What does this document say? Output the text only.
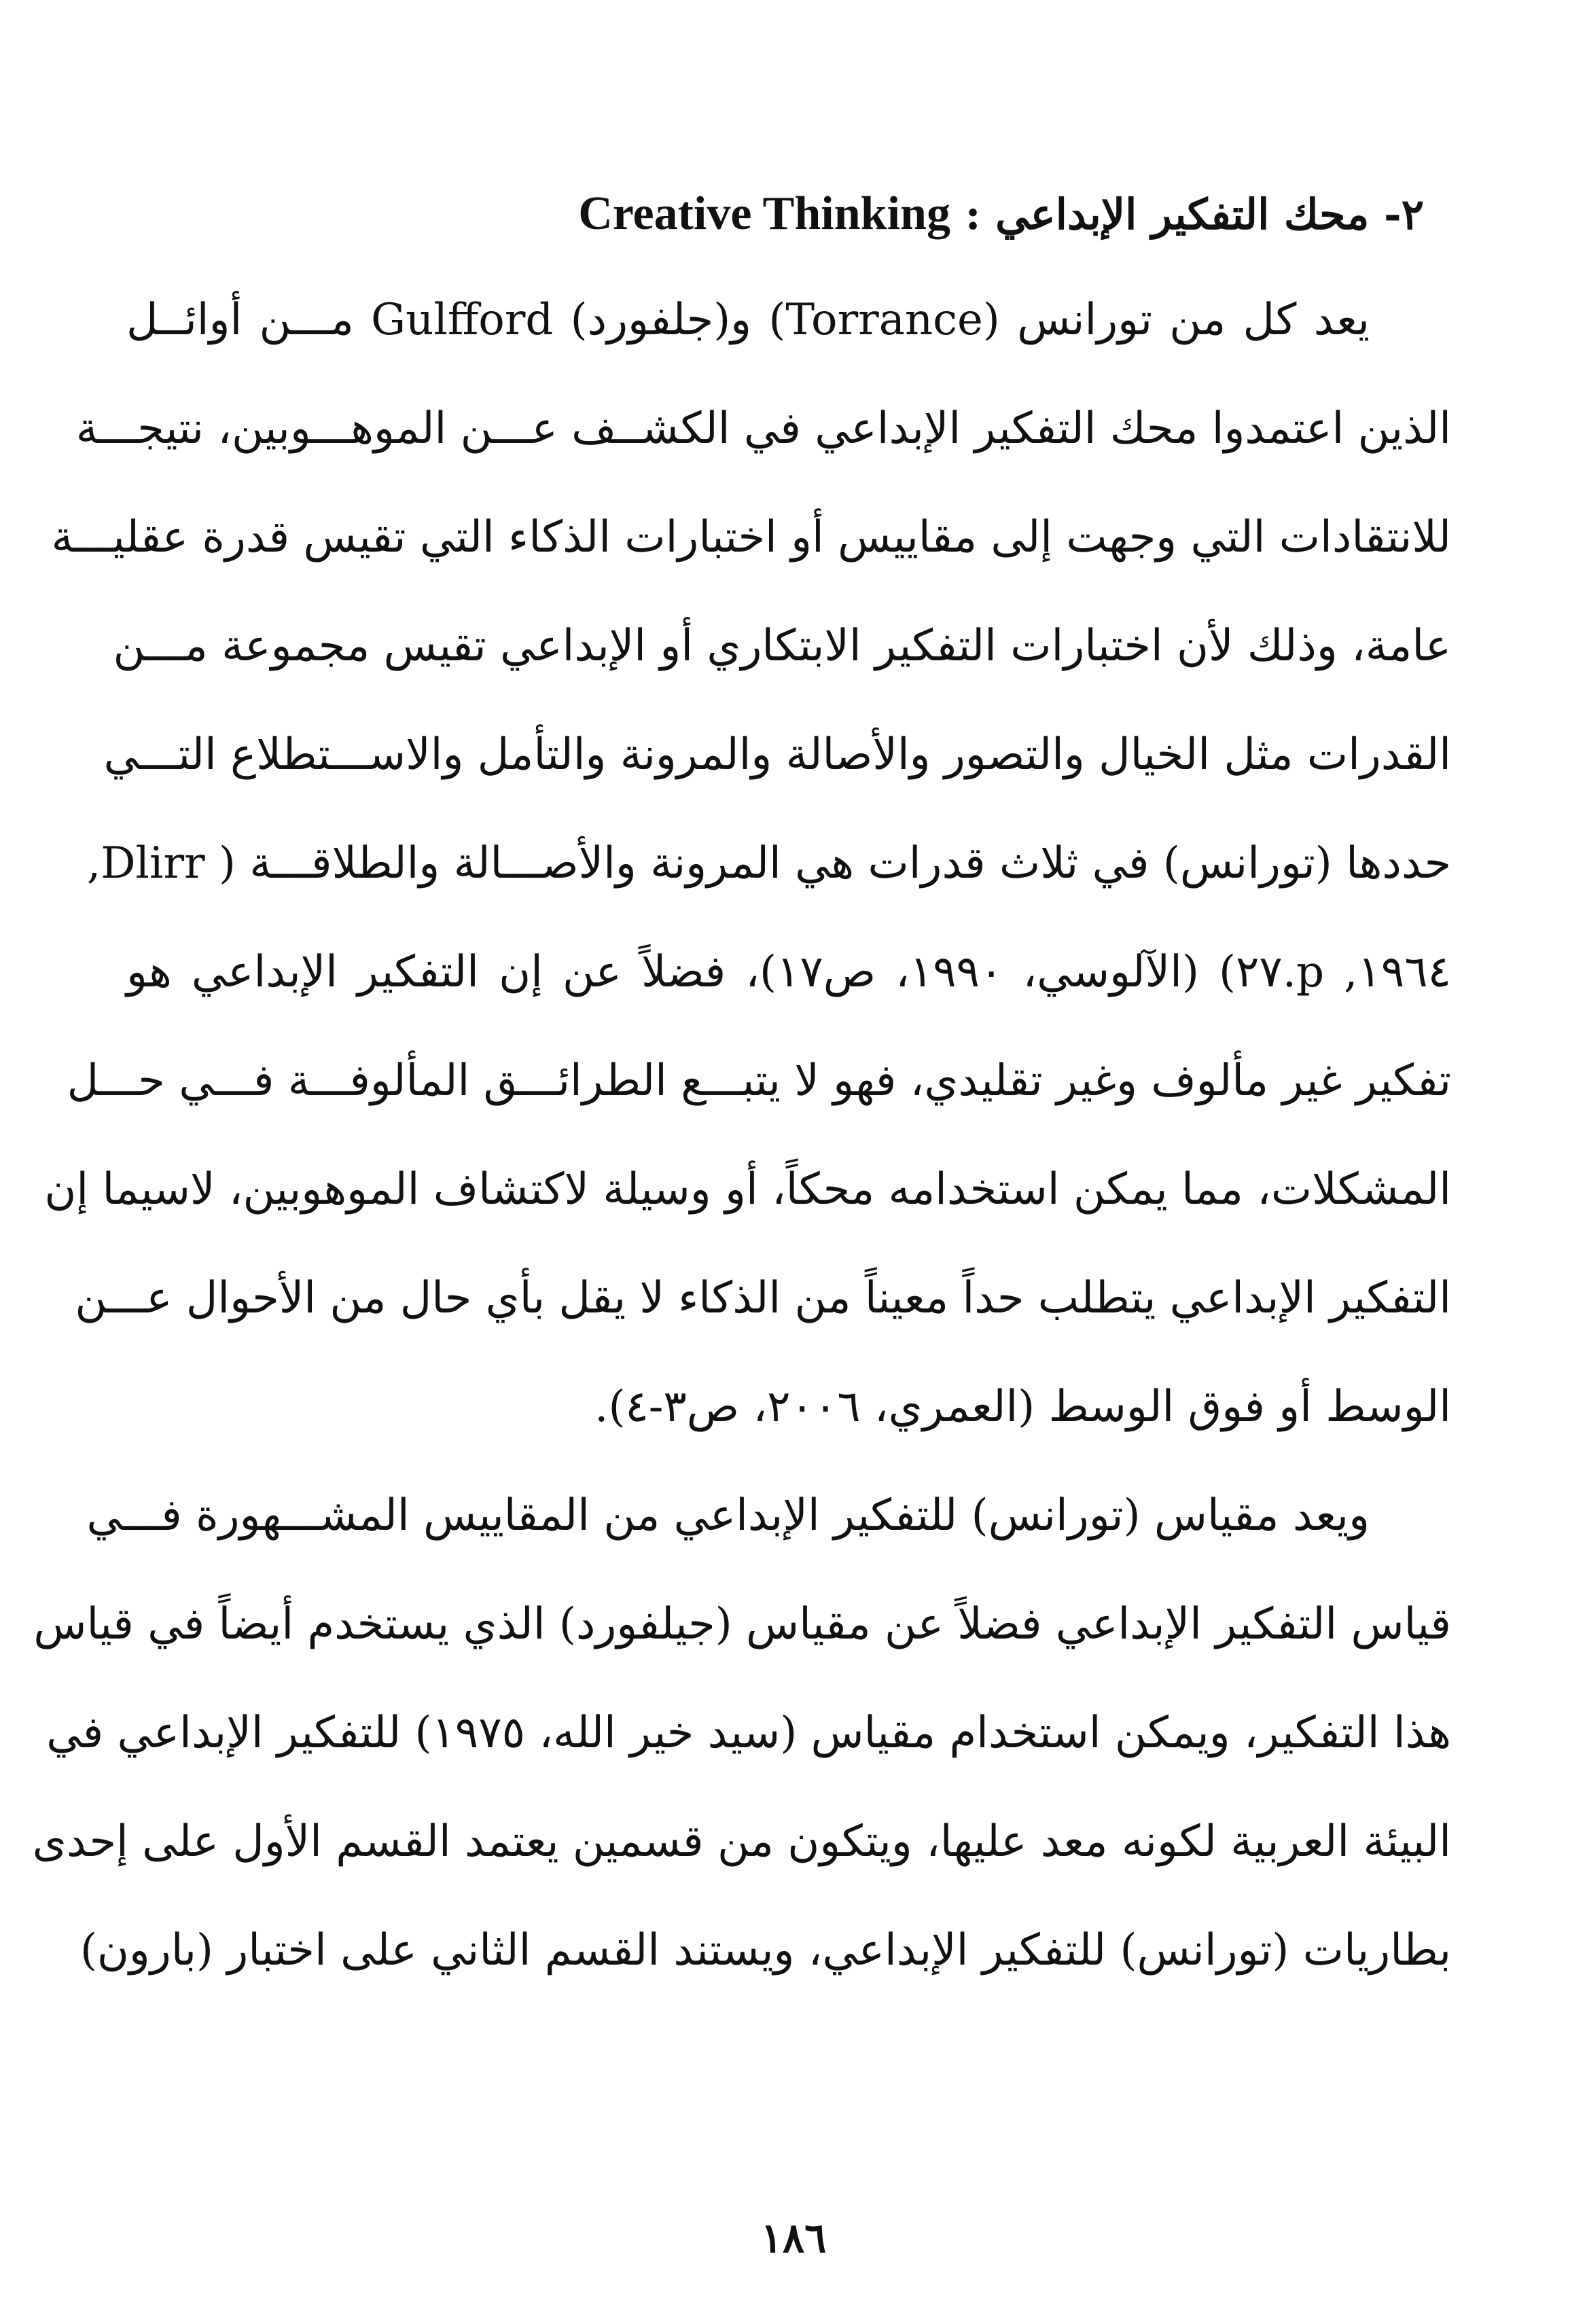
٢- محك التفكير الإبداعي : Creative Thinking
يعد كل من تورانس (Torrance) و(جلفورد) Gulfford مـــن أوائــل
الذين اعتمدوا محك التفكير الإبداعي في الكشــف عـــن الموهـــوبين، نتيجـــة
للانتقادات التي وجهت إلى مقاييس أو اختبارات الذكاء التي تقيس قدرة عقليـــة
عامة، وذلك لأن اختبارات التفكير الابتكاري أو الإبداعي تقيس مجموعة مـــن
القدرات مثل الخيال والتصور والأصالة والمرونة والتأمل والاســـتطلاع التـــي
حددها (تورانس) في ثلاث قدرات هي المرونة والأصـــالة والطلاقـــة ( Dlirr,
١٩٦٤, p.٢٧) (الآلوسي، ١٩٩٠، ص١٧)، فضلاً عن إن التفكير الإبداعي هو
تفكير غير مألوف وغير تقليدي، فهو لا يتبـــع الطرائـــق المألوفـــة فـــي حـــل
المشكلات، مما يمكن استخدامه محكاً، أو وسيلة لاكتشاف الموهوبين، لاسيما إن
التفكير الإبداعي يتطلب حداً معيناً من الذكاء لا يقل بأي حال من الأحوال عـــن
الوسط أو فوق الوسط (العمري، ٢٠٠٦، ص٣-٤).
ويعد مقياس (تورانس) للتفكير الإبداعي من المقاييس المشـــهورة فـــي
قياس التفكير الإبداعي فضلاً عن مقياس (جيلفورد) الذي يستخدم أيضاً في قياس
هذا التفكير، ويمكن استخدام مقياس (سيد خير الله، ١٩٧٥) للتفكير الإبداعي في
البيئة العربية لكونه معد عليها، ويتكون من قسمين يعتمد القسم الأول على إحدى
بطاريات (تورانس) للتفكير الإبداعي، ويستند القسم الثاني على اختبار (بارون)
١٨٦
